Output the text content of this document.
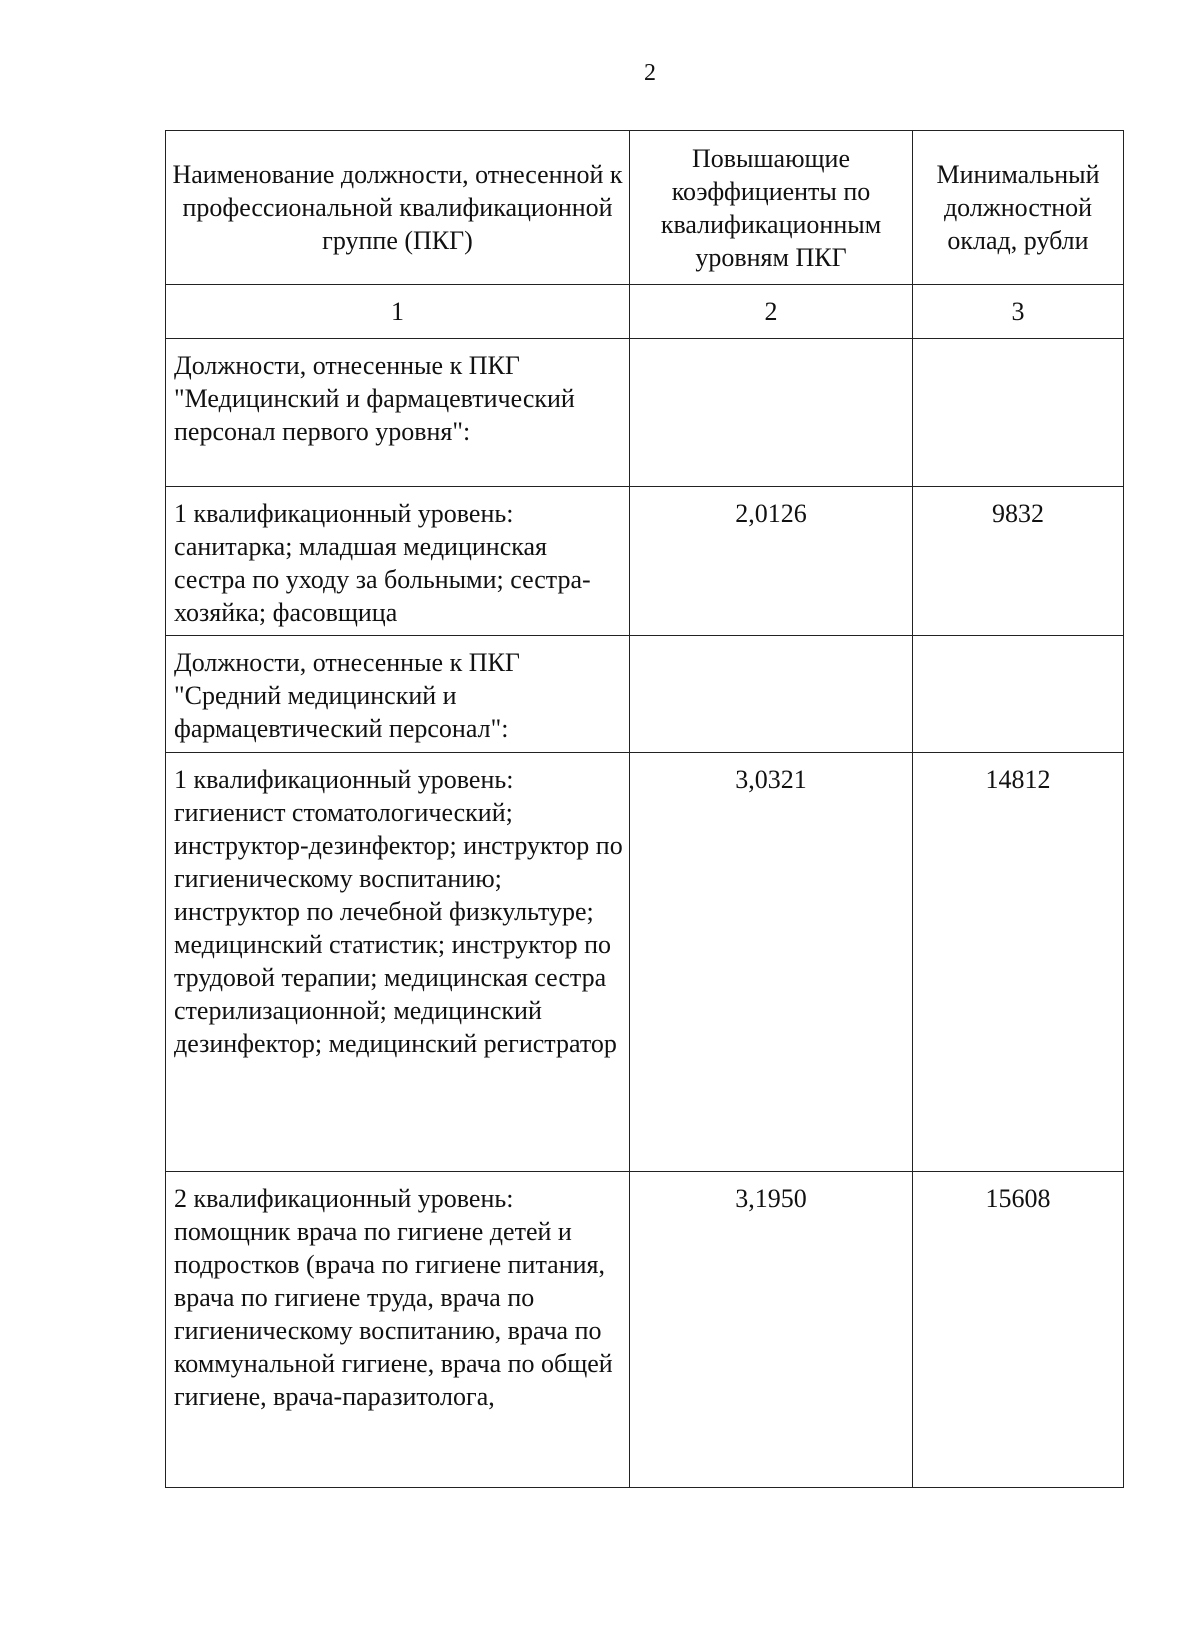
2
Наименование должности, отнесенной к профессиональной квалификационной группе (ПКГ)	Повышающие коэффициенты по квалификационным уровням ПКГ	Минимальный должностной оклад, рубли
1	2	3
Должности, отнесенные к ПКГ "Медицинский и фармацевтический персонал первого уровня":		
1 квалификационный уровень: санитарка; младшая медицинская сестра по уходу за больными; сестра-хозяйка; фасовщица	2,0126	9832
Должности, отнесенные к ПКГ "Средний медицинский и фармацевтический персонал":		
1 квалификационный уровень: гигиенист стоматологический; инструктор-дезинфектор; инструктор по гигиеническому воспитанию; инструктор по лечебной физкультуре; медицинский статистик; инструктор по трудовой терапии; медицинская сестра стерилизационной; медицинский дезинфектор; медицинский регистратор	3,0321	14812
2 квалификационный уровень: помощник врача по гигиене детей и подростков (врача по гигиене питания, врача по гигиене труда, врача по гигиеническому воспитанию, врача по коммунальной гигиене, врача по общей гигиене, врача-паразитолога,	3,1950	15608
